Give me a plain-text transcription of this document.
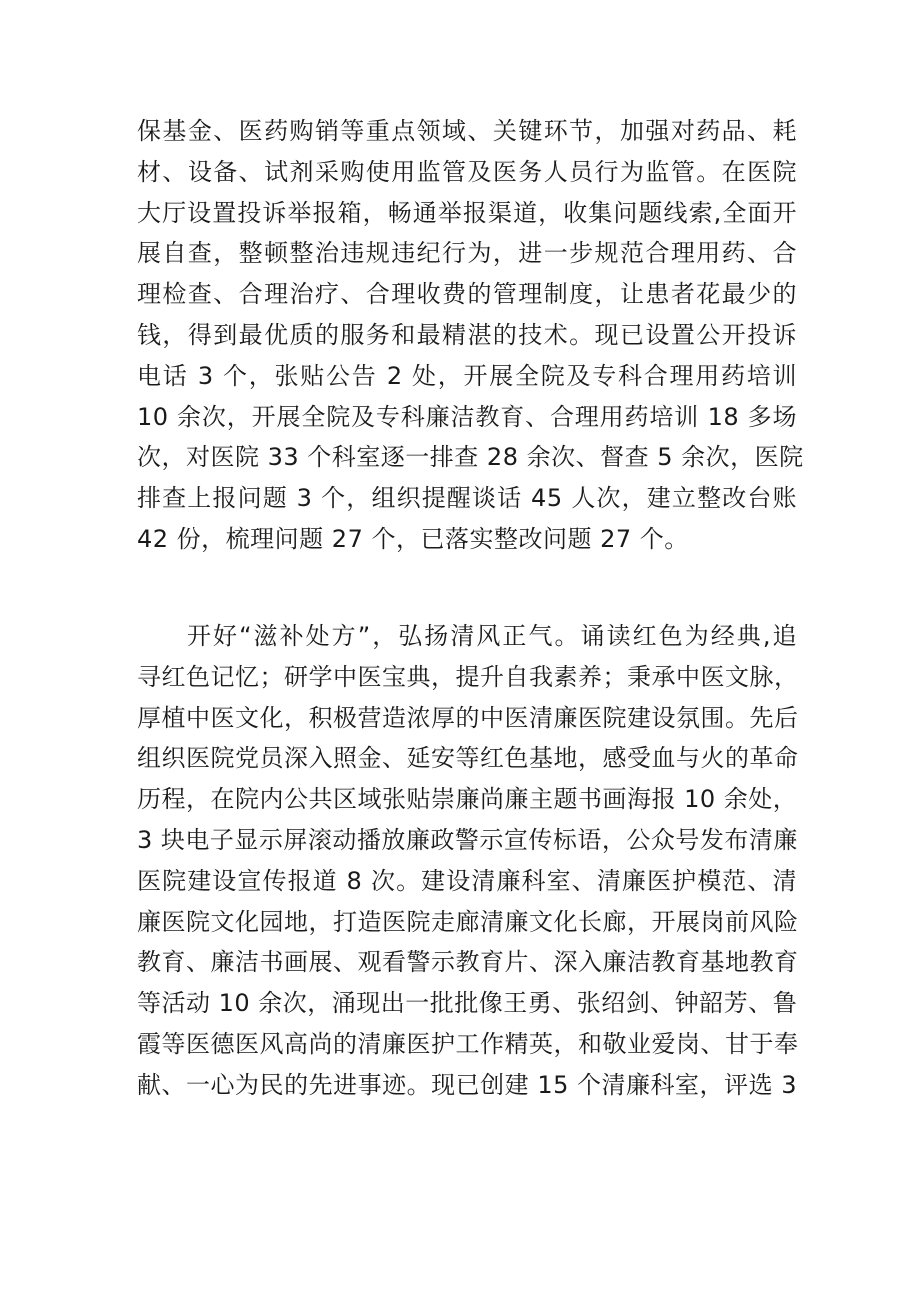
保基金、医药购销等重点领域、关键环节，加强对药品、耗
材、设备、试剂采购使用监管及医务人员行为监管。在医院
大厅设置投诉举报箱，畅通举报渠道，收集问题线索,全面开
展自查，整顿整治违规违纪行为，进一步规范合理用药、合
理检查、合理治疗、合理收费的管理制度，让患者花最少的
钱，得到最优质的服务和最精湛的技术。现已设置公开投诉
电话 3 个，张贴公告 2 处，开展全院及专科合理用药培训
10 余次，开展全院及专科廉洁教育、合理用药培训 18 多场
次，对医院 33 个科室逐一排查 28 余次、督查 5 余次，医院
排查上报问题 3 个，组织提醒谈话 45 人次，建立整改台账
42 份，梳理问题 27 个，已落实整改问题 27 个。
开好“滋补处方”，弘扬清风正气。诵读红色为经典,追
寻红色记忆；研学中医宝典，提升自我素养；秉承中医文脉，
厚植中医文化，积极营造浓厚的中医清廉医院建设氛围。先后
组织医院党员深入照金、延安等红色基地，感受血与火的革命
历程，在院内公共区域张贴崇廉尚廉主题书画海报 10 余处，
3 块电子显示屏滚动播放廉政警示宣传标语，公众号发布清廉
医院建设宣传报道 8 次。建设清廉科室、清廉医护模范、清
廉医院文化园地，打造医院走廊清廉文化长廊，开展岗前风险
教育、廉洁书画展、观看警示教育片、深入廉洁教育基地教育
等活动 10 余次，涌现出一批批像王勇、张绍剑、钟韶芳、鲁
霞等医德医风高尚的清廉医护工作精英，和敬业爱岗、甘于奉
献、一心为民的先进事迹。现已创建 15 个清廉科室，评选 3
